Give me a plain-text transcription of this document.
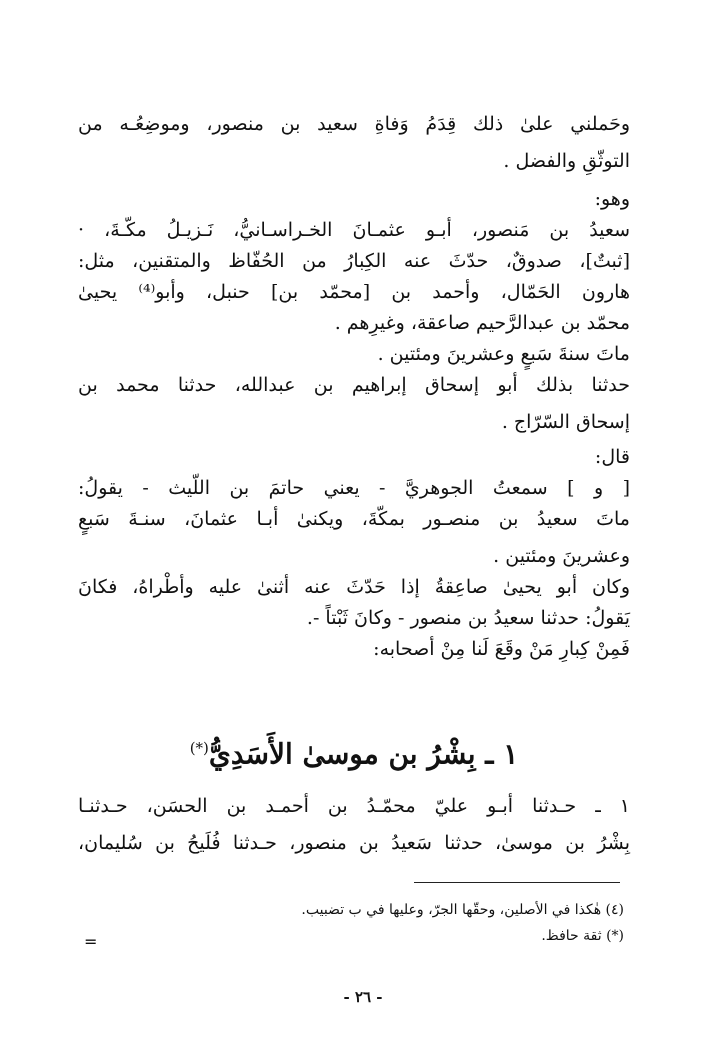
وحَملني علىٰ ذلك قِدَمُ وَفاةِ سعيد بن منصور، وموضِعُـه من
التوثّقِ والفضل .
وهو:
سعيدُ بن مَنصور، أبـو عثمـانَ الخـراسـانيُّ، نَـزيـلُ مكّـةَ، ·
[ثبتٌ]، صدوقٌ، حدّثَ عنه الكِبارُ من الحُفّاظ والمتقنين، مثل:
هارون الحَمّال، وأحمد بن [محمّد بن] حنبل، وأبو⁽⁴⁾ يحيىٰ
محمّد بن عبدالرَّحيم صاعقة، وغيرِهم .
ماتَ سنةَ سَبعٍ وعشرينَ ومئتين .
حدثنا بذلك أبو إسحاق إبراهيم بن عبدالله، حدثنا محمد بن
إسحاق السّرّاج .
قال:
[ و ] سمعتُ الجوهريَّ - يعني حاتمَ بن اللّيث - يقولُ:
ماتَ سعيدُ بن منصـور بمكّةَ، ويكنىٰ أبـا عثمانَ، سنـةَ سَبعٍ
وعشرينَ ومئتين .
وكان أبو يحيىٰ صاعِقةُ إذا حَدّثَ عنه أثنىٰ عليه وأطْراهُ، فكانَ
يَقولُ: حدثنا سعيدُ بن منصور - وكانَ ثَبْتاً -.
فَمِنْ كِبارِ مَنْ وقَعَ لَنا مِنْ أصحابه:
١ ـ بِشْرُ بن موسىٰ الأَسَدِيُّ(*)
١ ـ حـدثنا أبـو عليّ محمّـدُ بن أحمـد بن الحسَن، حـدثنـا
بِشْرُ بن موسىٰ، حدثنا سَعيدُ بن منصور، حـدثنا فُلَيحُ بن سُليمان،
(٤) هٰكذا في الأصلين، وحقّها الجرّ، وعليها في ب تضبيب.
(*) ثقة حافظ.
=
- ٢٦ -
